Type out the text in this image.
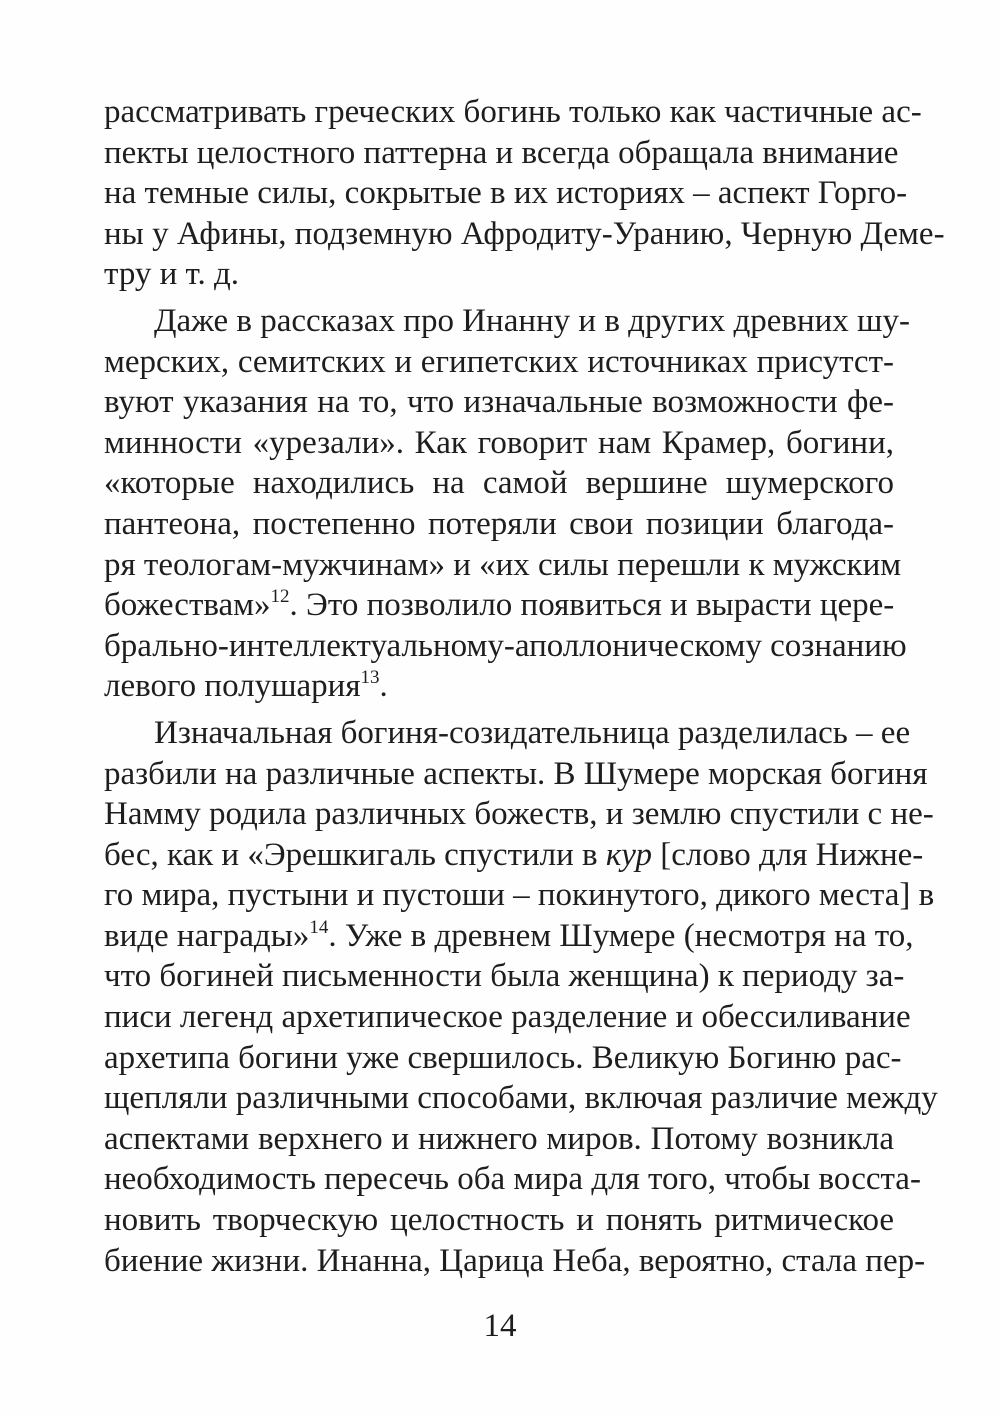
рассматривать греческих богинь только как частичные ас-
пекты целостного паттерна и всегда обращала внимание
на темные силы, сокрытые в их историях – аспект Горго-
ны у Афины, подземную Афродиту-Уранию, Черную Деме-
тру и т. д.
Даже в рассказах про Инанну и в других древних шу-
мерских, семитских и египетских источниках присутст-
вуют указания на то, что изначальные возможности фе-
минности «урезали». Как говорит нам Крамер, богини,
«которые находились на самой вершине шумерского
пантеона, постепенно потеряли свои позиции благода-
ря теологам-мужчинам» и «их силы перешли к мужским
божествам»$^{12}$. Это позволило появиться и вырасти цере-
брально-интеллектуальному-аполлоническому сознанию
левого полушария$^{13}$.
Изначальная богиня-созидательница разделилась – ее
разбили на различные аспекты. В Шумере морская богиня
Намму родила различных божеств, и землю спустили с не-
бес, как и «Эрешкигаль спустили в кур [слово для Нижне-
го мира, пустыни и пустоши – покинутого, дикого места] в
виде награды»$^{14}$. Уже в древнем Шумере (несмотря на то,
что богиней письменности была женщина) к периоду за-
писи легенд архетипическое разделение и обессиливание
архетипа богини уже свершилось. Великую Богиню рас-
щепляли различными способами, включая различие между
аспектами верхнего и нижнего миров. Потому возникла
необходимость пересечь оба мира для того, чтобы восста-
новить творческую целостность и понять ритмическое
биение жизни. Инанна, Царица Неба, вероятно, стала пер-
14
